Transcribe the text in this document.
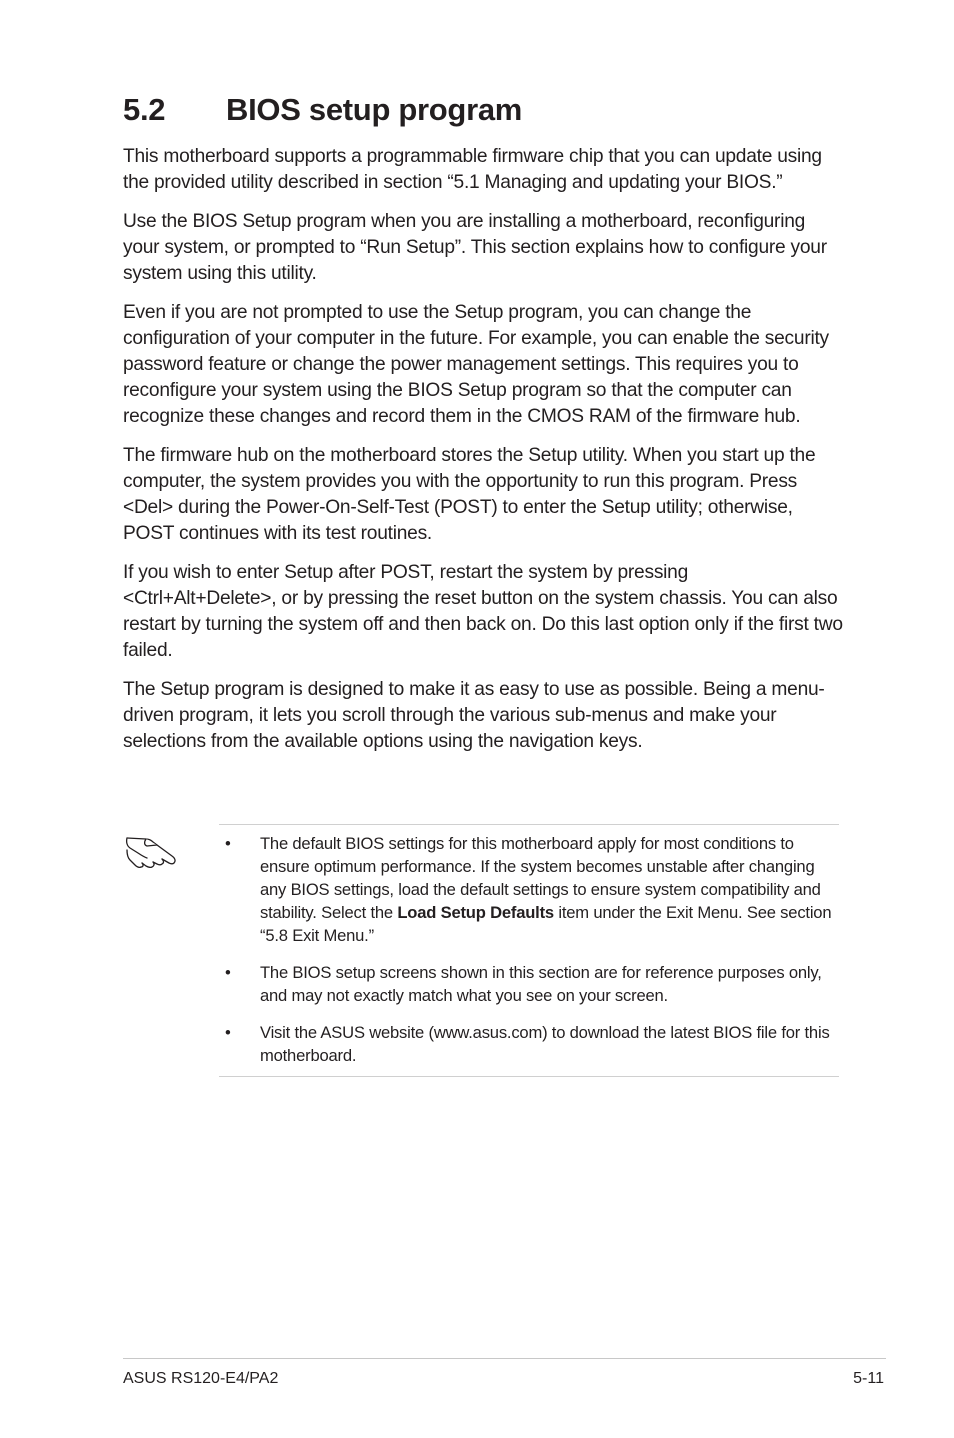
5.2 BIOS setup program

This motherboard supports a programmable firmware chip that you can update using the provided utility described in section “5.1 Managing and updating your BIOS.”

Use the BIOS Setup program when you are installing a motherboard, reconfiguring your system, or prompted to “Run Setup”. This section explains how to configure your system using this utility.

Even if you are not prompted to use the Setup program, you can change the configuration of your computer in the future. For example, you can enable the security password feature or change the power management settings. This requires you to reconfigure your system using the BIOS Setup program so that the computer can recognize these changes and record them in the CMOS RAM of the firmware hub.

The firmware hub on the motherboard stores the Setup utility. When you start up the computer, the system provides you with the opportunity to run this program. Press <Del> during the Power-On-Self-Test (POST) to enter the Setup utility; otherwise, POST continues with its test routines.

If you wish to enter Setup after POST, restart the system by pressing <Ctrl+Alt+Delete>, or by pressing the reset button on the system chassis. You can also restart by turning the system off and then back on. Do this last option only if the first two failed.

The Setup program is designed to make it as easy to use as possible. Being a menu-driven program, it lets you scroll through the various sub-menus and make your selections from the available options using the navigation keys.

• The default BIOS settings for this motherboard apply for most conditions to ensure optimum performance. If the system becomes unstable after changing any BIOS settings, load the default settings to ensure system compatibility and stability. Select the Load Setup Defaults item under the Exit Menu. See section “5.8 Exit Menu.”
• The BIOS setup screens shown in this section are for reference purposes only, and may not exactly match what you see on your screen.
• Visit the ASUS website (www.asus.com) to download the latest BIOS file for this motherboard.
ASUS RS120-E4/PA2	5-11
